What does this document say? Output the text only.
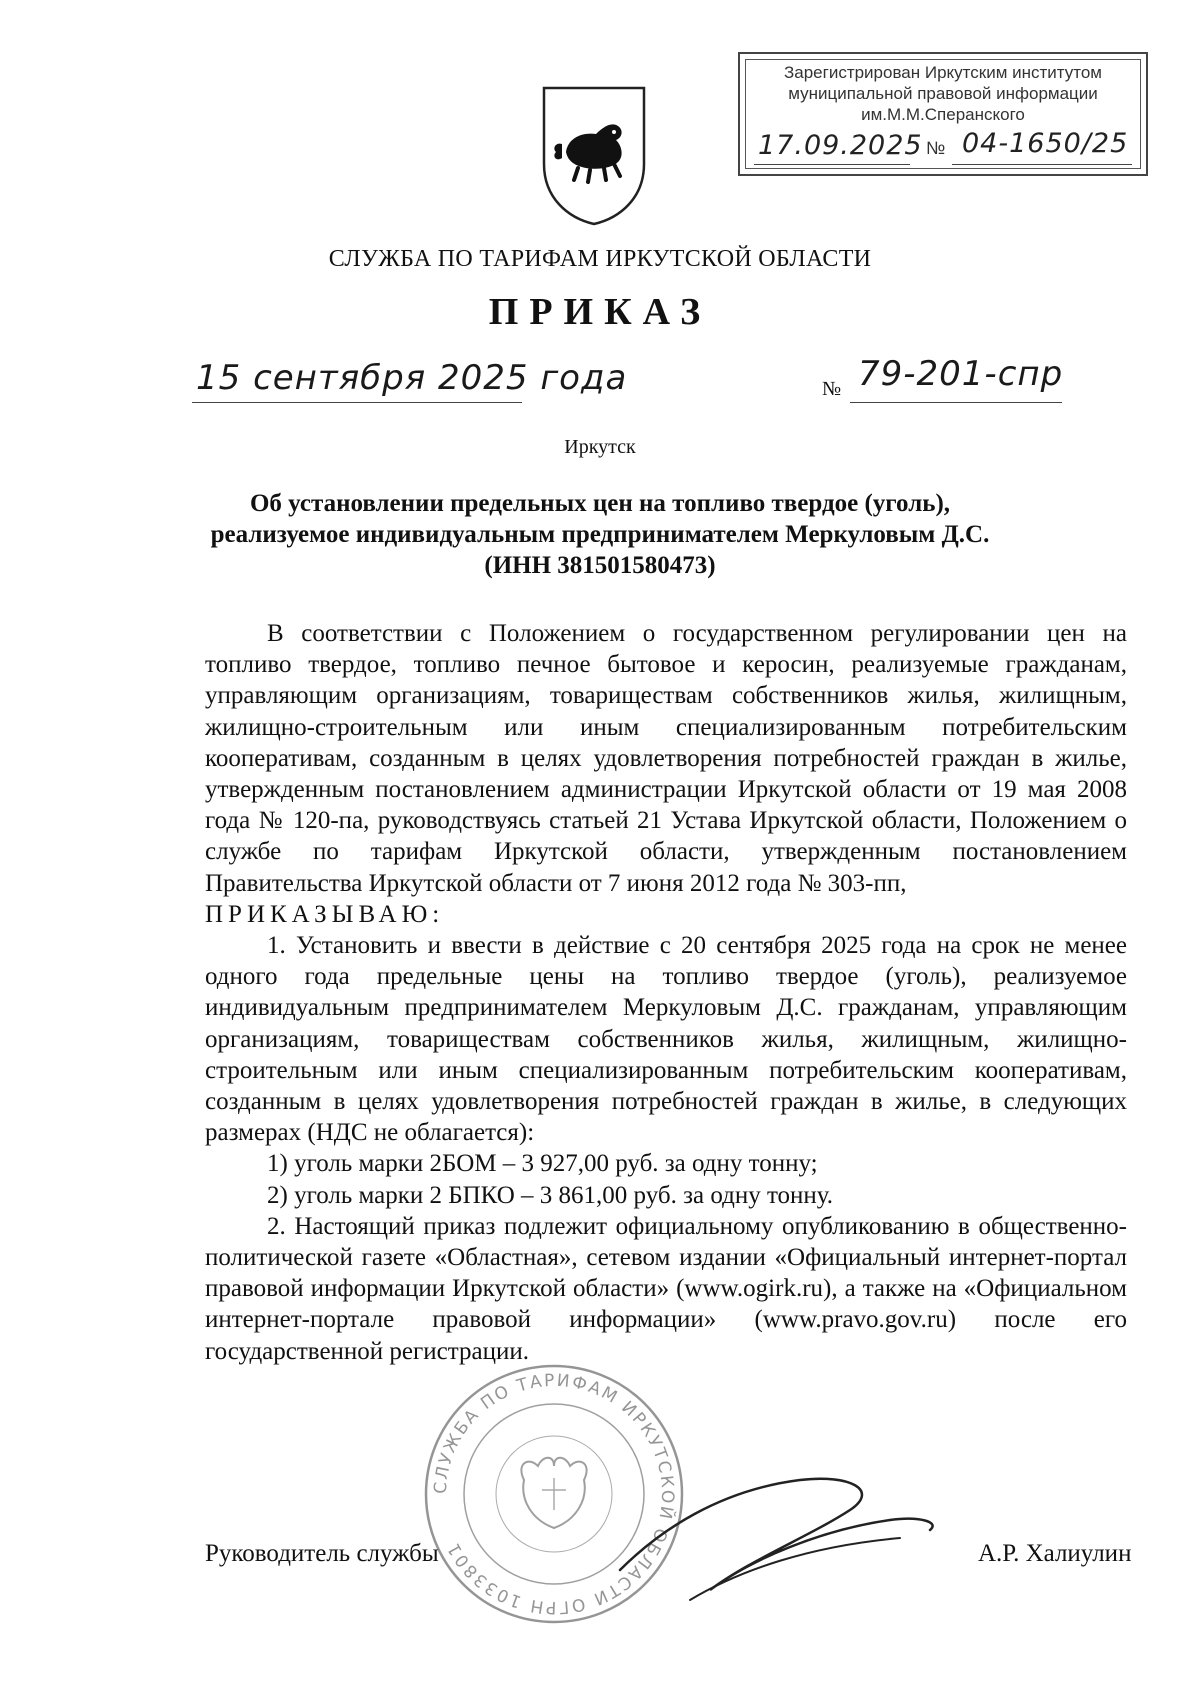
Зарегистрирован Иркутским институтом
муниципальной правовой информации
им.М.М.Сперанского
17.09.2025 № 04-1650/25
СЛУЖБА ПО ТАРИФАМ ИРКУТСКОЙ ОБЛАСТИ
ПРИКАЗ
15 сентября 2025 года	№ 79-201-спр
Иркутск
Об установлении предельных цен на топливо твердое (уголь),
реализуемое индивидуальным предпринимателем Меркуловым Д.С.
(ИНН 381501580473)
В соответствии с Положением о государственном регулировании цен на топливо твердое, топливо печное бытовое и керосин, реализуемые гражданам, управляющим организациям, товариществам собственников жилья, жилищным, жилищно-строительным или иным специализированным потребительским кооперативам, созданным в целях удовлетворения потребностей граждан в жилье, утвержденным постановлением администрации Иркутской области от 19 мая 2008 года № 120-па, руководствуясь статьей 21 Устава Иркутской области, Положением о службе по тарифам Иркутской области, утвержденным постановлением Правительства Иркутской области от 7 июня 2012 года № 303-пп,
ПРИКАЗЫВАЮ:
1. Установить и ввести в действие с 20 сентября 2025 года на срок не менее одного года предельные цены на топливо твердое (уголь), реализуемое индивидуальным предпринимателем Меркуловым Д.С. гражданам, управляющим организациям, товариществам собственников жилья, жилищным, жилищно-строительным или иным специализированным потребительским кооперативам, созданным в целях удовлетворения потребностей граждан в жилье, в следующих размерах (НДС не облагается):
1) уголь марки 2БОМ – 3 927,00 руб. за одну тонну;
2) уголь марки 2 БПКО – 3 861,00 руб. за одну тонну.
2. Настоящий приказ подлежит официальному опубликованию в общественно-политической газете «Областная», сетевом издании «Официальный интернет-портал правовой информации Иркутской области» (www.ogirk.ru), а также на «Официальном интернет-портале правовой информации» (www.pravo.gov.ru) после его государственной регистрации.
СЛУЖБА ПО ТАРИФАМ ИРКУТСКОЙ ОБЛАСТИ ОГРН 1033801
Руководитель службы	А.Р. Халиулин
